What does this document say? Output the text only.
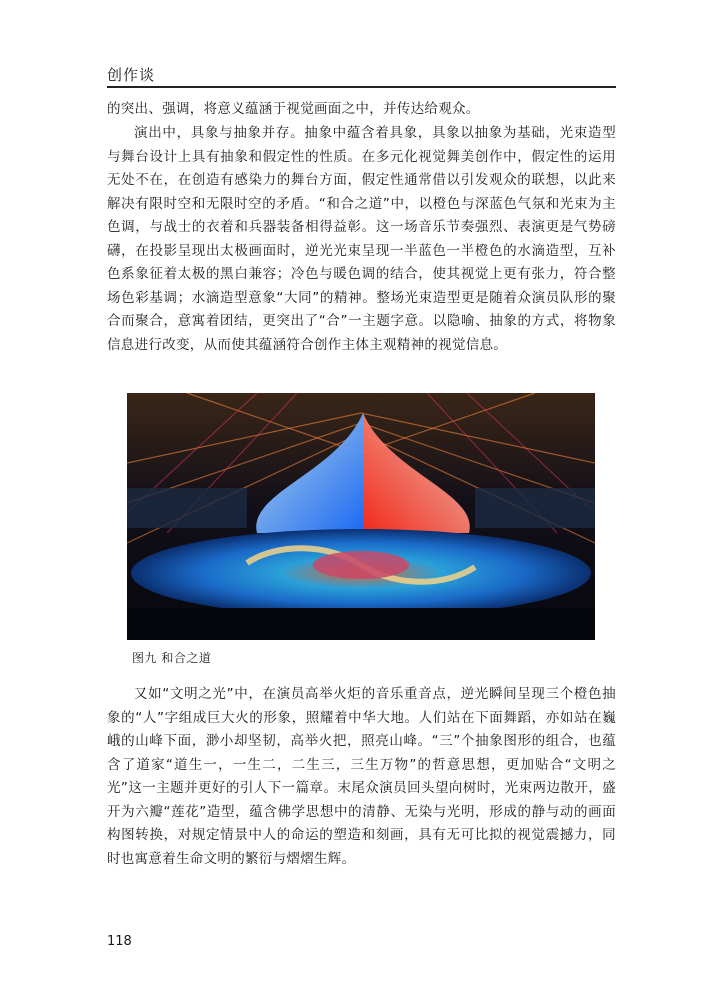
创作谈

的突出、强调，将意义蕴涵于视觉画面之中，并传达给观众。

演出中，具象与抽象并存。抽象中蕴含着具象，具象以抽象为基础，光束造型与舞台设计上具有抽象和假定性的性质。在多元化视觉舞美创作中，假定性的运用无处不在，在创造有感染力的舞台方面，假定性通常借以引发观众的联想，以此来解决有限时空和无限时空的矛盾。“和合之道”中，以橙色与深蓝色气氛和光束为主色调，与战士的衣着和兵器装备相得益彰。这一场音乐节奏强烈、表演更是气势磅礴，在投影呈现出太极画面时，逆光光束呈现一半蓝色一半橙色的水滴造型，互补色系象征着太极的黑白兼容；冷色与暖色调的结合，使其视觉上更有张力，符合整场色彩基调；水滴造型意象“大同”的精神。整场光束造型更是随着众演员队形的聚合而聚合，意寓着团结，更突出了“合”一主题字意。以隐喻、抽象的方式，将物象信息进行改变，从而使其蕴涵符合创作主体主观精神的视觉信息。

图九 和合之道

又如“文明之光”中，在演员高举火炬的音乐重音点，逆光瞬间呈现三个橙色抽象的“人”字组成巨大火的形象，照耀着中华大地。人们站在下面舞蹈，亦如站在巍峨的山峰下面，渺小却坚韧，高举火把，照亮山峰。“三”个抽象图形的组合，也蕴含了道家“道生一，一生二，二生三，三生万物”的哲意思想，更加贴合“文明之光”这一主题并更好的引人下一篇章。末尾众演员回头望向树时，光束两边散开，盛开为六瓣“莲花”造型，蕴含佛学思想中的清静、无染与光明，形成的静与动的画面构图转换，对规定情景中人的命运的塑造和刻画，具有无可比拟的视觉震撼力，同时也寓意着生命文明的繁衍与熠熠生辉。

118
